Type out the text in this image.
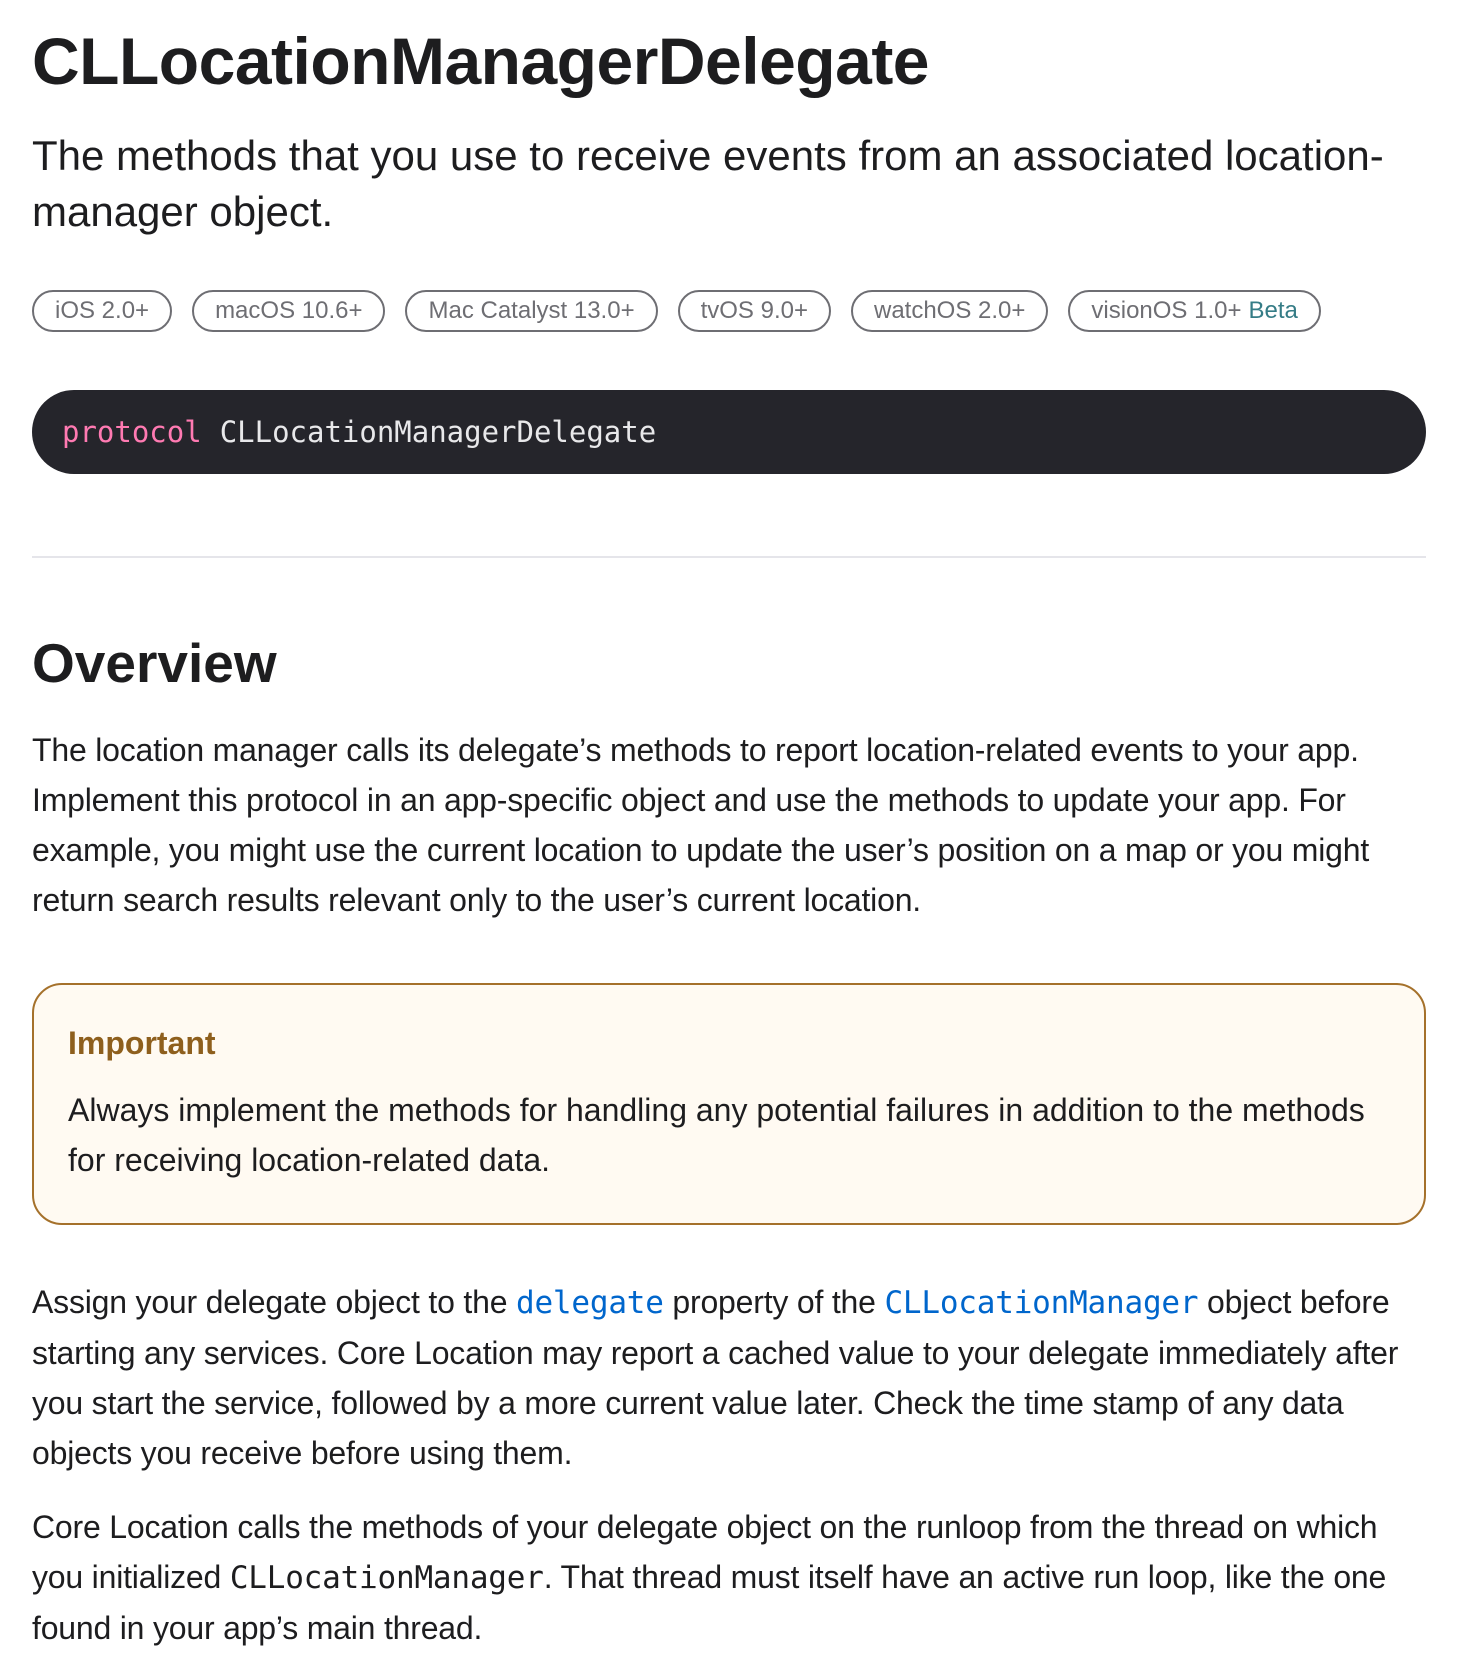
CLLocationManagerDelegate

The methods that you use to receive events from an associated location-manager object.

iOS 2.0+	macOS 10.6+	Mac Catalyst 13.0+	tvOS 9.0+	watchOS 2.0+	visionOS 1.0+ Beta
protocol CLLocationManagerDelegate
Overview

The location manager calls its delegate’s methods to report location-related events to your app. Implement this protocol in an app-specific object and use the methods to update your app. For example, you might use the current location to update the user’s position on a map or you might return search results relevant only to the user’s current location.

Important
Always implement the methods for handling any potential failures in addition to the methods for receiving location-related data.

Assign your delegate object to the delegate property of the CLLocationManager object before starting any services. Core Location may report a cached value to your delegate immediately after you start the service, followed by a more current value later. Check the time stamp of any data objects you receive before using them.

Core Location calls the methods of your delegate object on the runloop from the thread on which you initialized CLLocationManager. That thread must itself have an active run loop, like the one found in your app’s main thread.
